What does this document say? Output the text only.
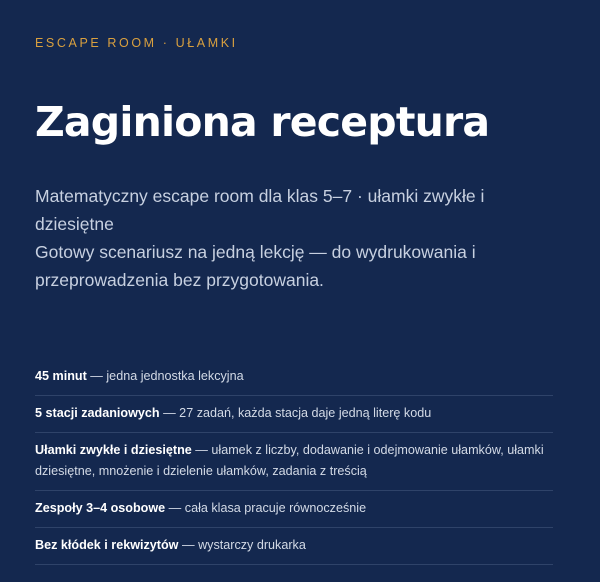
ESCAPE ROOM · UŁAMKI
Zaginiona receptura

Matematyczny escape room dla klas 5–7 · ułamki zwykłe i dziesiętne
Gotowy scenariusz na jedną lekcję — do wydrukowania i przeprowadzenia bez przygotowania.

45 minut — jedna jednostka lekcyjna
5 stacji zadaniowych — 27 zadań, każda stacja daje jedną literę kodu
Ułamki zwykłe i dziesiętne — ułamek z liczby, dodawanie i odejmowanie ułamków, ułamki dziesiętne, mnożenie i dzielenie ułamków, zadania z treścią
Zespoły 3–4 osobowe — cała klasa pracuje równocześnie
Bez kłódek i rekwizytów — wystarczy drukarka
